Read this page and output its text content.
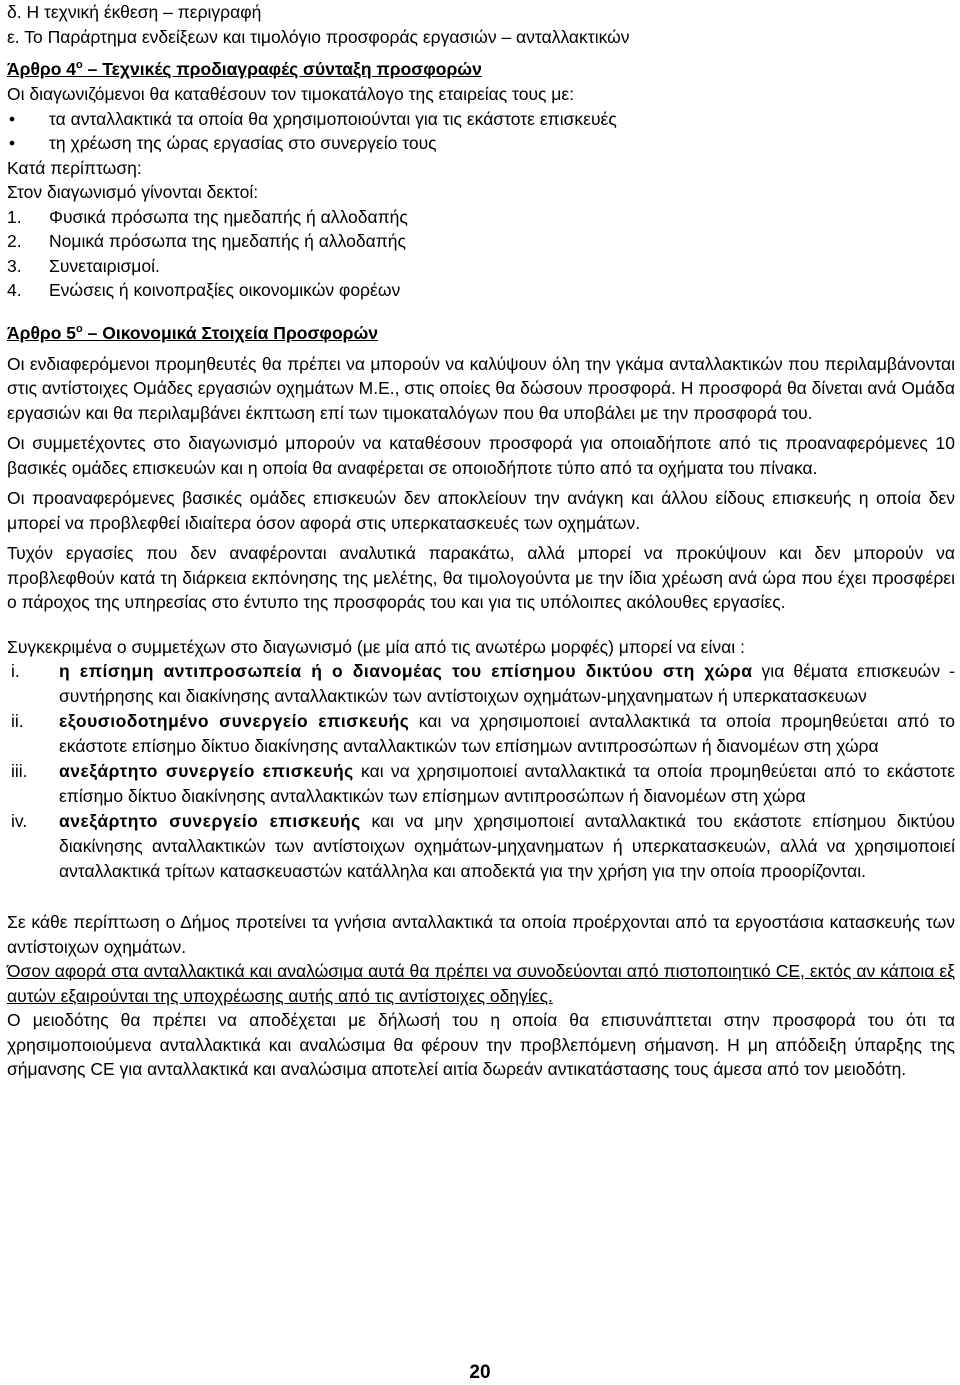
δ. Η τεχνική έκθεση – περιγραφή
ε. Το Παράρτημα ενδείξεων και τιμολόγιο προσφοράς εργασιών – ανταλλακτικών
Άρθρο $4^o$ – Τεχνικές προδιαγραφές σύνταξη προσφορών
Οι διαγωνιζόμενοι θα καταθέσουν τον τιμοκατάλογο της εταιρείας τους με:
•	τα ανταλλακτικά τα οποία θα χρησιμοποιούνται για τις εκάστοτε επισκευές
•	τη χρέωση της ώρας εργασίας στο συνεργείο τους
Κατά περίπτωση:
Στον διαγωνισμό γίνονται δεκτοί:
1.	Φυσικά πρόσωπα της ημεδαπής ή αλλοδαπής
2.	Νομικά πρόσωπα της ημεδαπής ή αλλοδαπής
3.	Συνεταιρισμοί.
4.	Ενώσεις ή κοινοπραξίες οικονομικών φορέων
Άρθρο $5^o$ – Οικονομικά Στοιχεία Προσφορών

Οι ενδιαφερόμενοι προμηθευτές θα πρέπει να μπορούν να καλύψουν όλη την γκάμα ανταλλακτικών που περιλαμβάνονται στις αντίστοιχες Ομάδες εργασιών οχημάτων Μ.Ε., στις οποίες θα δώσουν προσφορά. Η προσφορά θα δίνεται ανά Ομάδα εργασιών και θα περιλαμβάνει έκπτωση επί των τιμοκαταλόγων που θα υποβάλει με την προσφορά του.

Οι συμμετέχοντες στο διαγωνισμό μπορούν να καταθέσουν προσφορά για οποιαδήποτε από τις προαναφερόμενες 10 βασικές ομάδες επισκευών και η οποία θα αναφέρεται σε οποιοδήποτε τύπο από τα οχήματα του πίνακα.

Οι προαναφερόμενες βασικές ομάδες επισκευών δεν αποκλείουν την ανάγκη και άλλου είδους επισκευής η οποία δεν μπορεί να προβλεφθεί ιδιαίτερα όσον αφορά στις υπερκατασκευές των οχημάτων.

Τυχόν εργασίες που δεν αναφέρονται αναλυτικά παρακάτω, αλλά μπορεί να προκύψουν και δεν μπορούν να προβλεφθούν κατά τη διάρκεια εκπόνησης της μελέτης, θα τιμολογούντα με την ίδια χρέωση ανά ώρα που έχει προσφέρει ο πάροχος της υπηρεσίας στο έντυπο της προσφοράς του και για τις υπόλοιπες ακόλουθες εργασίες.

Συγκεκριμένα ο συμμετέχων στο διαγωνισμό (με μία από τις ανωτέρω μορφές) μπορεί να είναι :

i.	η επίσημη αντιπροσωπεία ή ο διανομέας του επίσημου δικτύου στη χώρα για θέματα επισκευών - συντήρησης και διακίνησης ανταλλακτικών των αντίστοιχων οχημάτων-μηχανηματων ή υπερκατασκευων
ii.	εξουσιοδοτημένο συνεργείο επισκευής και να χρησιμοποιεί ανταλλακτικά τα οποία προμηθεύεται από το εκάστοτε επίσημο δίκτυο διακίνησης ανταλλακτικών των επίσημων αντιπροσώπων ή διανομέων στη χώρα
iii.	ανεξάρτητο συνεργείο επισκευής και να χρησιμοποιεί ανταλλακτικά τα οποία προμηθεύεται από το εκάστοτε επίσημο δίκτυο διακίνησης ανταλλακτικών των επίσημων αντιπροσώπων ή διανομέων στη χώρα
iv.	ανεξάρτητο συνεργείο επισκευής και να μην χρησιμοποιεί ανταλλακτικά του εκάστοτε επίσημου δικτύου διακίνησης ανταλλακτικών των αντίστοιχων οχημάτων-μηχανηματων ή υπερκατασκευών, αλλά να χρησιμοποιεί ανταλλακτικά τρίτων κατασκευαστών κατάλληλα και αποδεκτά για την χρήση για την οποία προορίζονται.

Σε κάθε περίπτωση ο Δήμος προτείνει τα γνήσια ανταλλακτικά τα οποία προέρχονται από τα εργοστάσια κατασκευής των αντίστοιχων οχημάτων.

Όσον αφορά στα ανταλλακτικά και αναλώσιμα αυτά θα πρέπει να συνοδεύονται από πιστοποιητικό CE, εκτός αν κάποια εξ αυτών εξαιρούνται της υποχρέωσης αυτής από τις αντίστοιχες οδηγίες.

Ο μειοδότης θα πρέπει να αποδέχεται με δήλωσή του η οποία θα επισυνάπτεται στην προσφορά του ότι τα χρησιμοποιούμενα ανταλλακτικά και αναλώσιμα θα φέρουν την προβλεπόμενη σήμανση. Η μη απόδειξη ύπαρξης της σήμανσης CE για ανταλλακτικά και αναλώσιμα αποτελεί αιτία δωρεάν αντικατάστασης τους άμεσα από τον μειοδότη.

20
